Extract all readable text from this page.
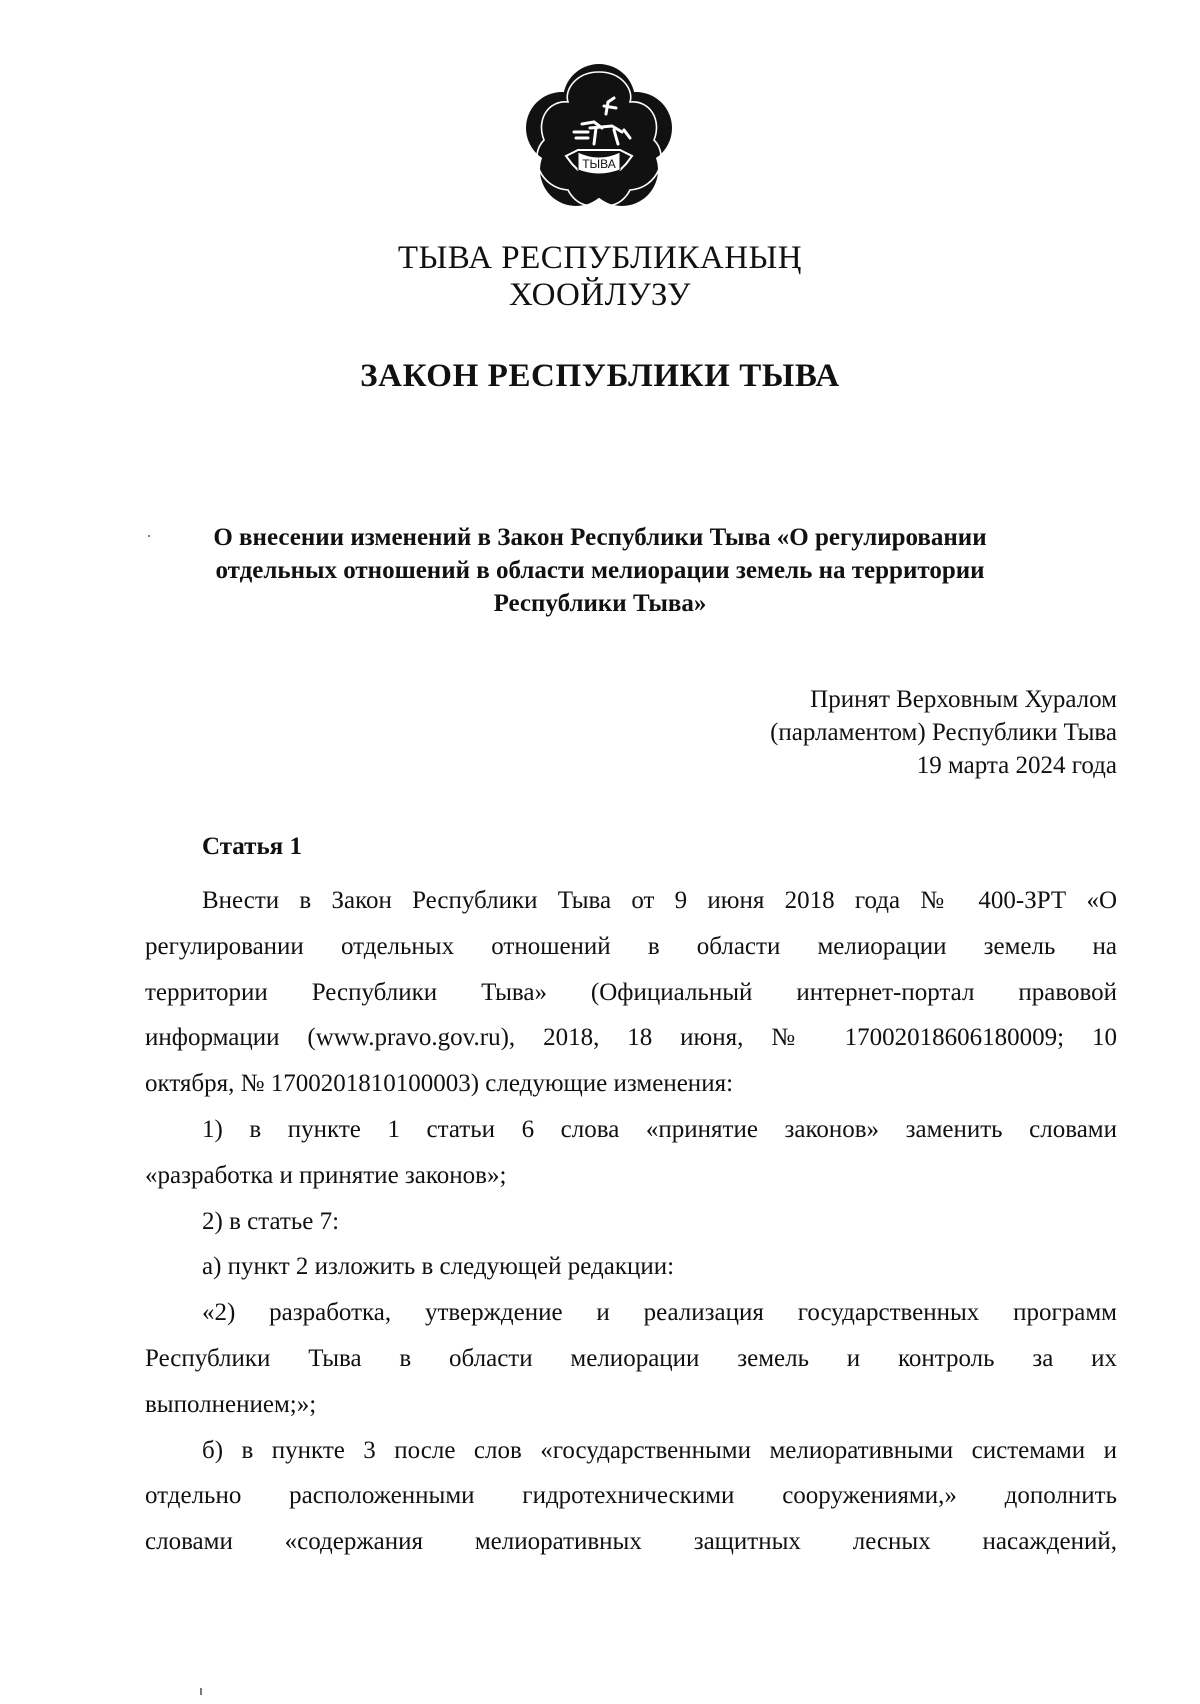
ТЫВА
ТЫВА РЕСПУБЛИКАНЫҢ
ХООЙЛУЗУ
ЗАКОН РЕСПУБЛИКИ ТЫВА
О внесении изменений в Закон Республики Тыва «О регулировании
отдельных отношений в области мелиорации земель на территории
Республики Тыва»
Принят Верховным Хуралом
(парламентом) Республики Тыва
19 марта 2024 года
Статья 1
Внести в Закон Республики Тыва от 9 июня 2018 года № 400-ЗРТ «О
регулировании отдельных отношений в области мелиорации земель на
территории Республики Тыва» (Официальный интернет-портал правовой
информации (www.pravo.gov.ru), 2018, 18 июня, № 17002018606180009; 10
октября, № 1700201810100003) следующие изменения:
1) в пункте 1 статьи 6 слова «принятие законов» заменить словами
«разработка и принятие законов»;
2) в статье 7:
а) пункт 2 изложить в следующей редакции:
«2) разработка, утверждение и реализация государственных программ
Республики Тыва в области мелиорации земель и контроль за их
выполнением;»;
б) в пункте 3 после слов «государственными мелиоративными системами и
отдельно расположенными гидротехническими сооружениями,» дополнить
словами «содержания мелиоративных защитных лесных насаждений,
